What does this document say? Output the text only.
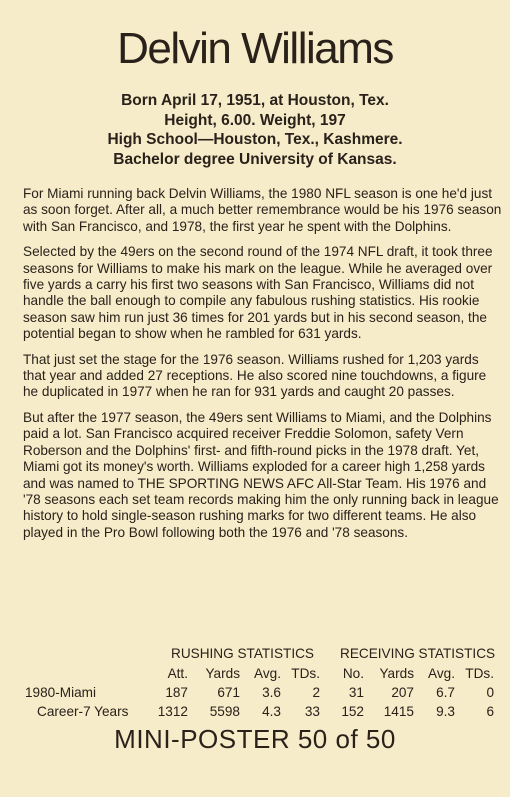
Delvin Williams
Born April 17, 1951, at Houston, Tex.
Height, 6.00. Weight, 197
High School—Houston, Tex., Kashmere.
Bachelor degree University of Kansas.

For Miami running back Delvin Williams, the 1980 NFL season is one he'd just as soon forget. After all, a much better remembrance would be his 1976 season with San Francisco, and 1978, the first year he spent with the Dolphins.

Selected by the 49ers on the second round of the 1974 NFL draft, it took three seasons for Williams to make his mark on the league. While he averaged over five yards a carry his first two seasons with San Francisco, Williams did not handle the ball enough to compile any fabulous rushing statistics. His rookie season saw him run just 36 times for 201 yards but in his second season, the potential began to show when he rambled for 631 yards.

That just set the stage for the 1976 season. Williams rushed for 1,203 yards that year and added 27 receptions. He also scored nine touchdowns, a figure he duplicated in 1977 when he ran for 931 yards and caught 20 passes.

But after the 1977 season, the 49ers sent Williams to Miami, and the Dolphins paid a lot. San Francisco acquired receiver Freddie Solomon, safety Vern Roberson and the Dolphins' first- and fifth-round picks in the 1978 draft. Yet, Miami got its money's worth. Williams exploded for a career high 1,258 yards and was named to THE SPORTING NEWS AFC All-Star Team. His 1976 and '78 seasons each set team records making him the only running back in league history to hold single-season rushing marks for two different teams. He also played in the Pro Bowl following both the 1976 and '78 seasons.

RUSHING STATISTICS RECEIVING STATISTICS
Att. Yards Avg. TDs. No. Yards Avg. TDs.
1980-Miami	187 671 3.6 2 31 207 6.7 0
Career-7 Years 1312 5598 4.3 33 152 1415 9.3 6
MINI-POSTER 50 of 50
